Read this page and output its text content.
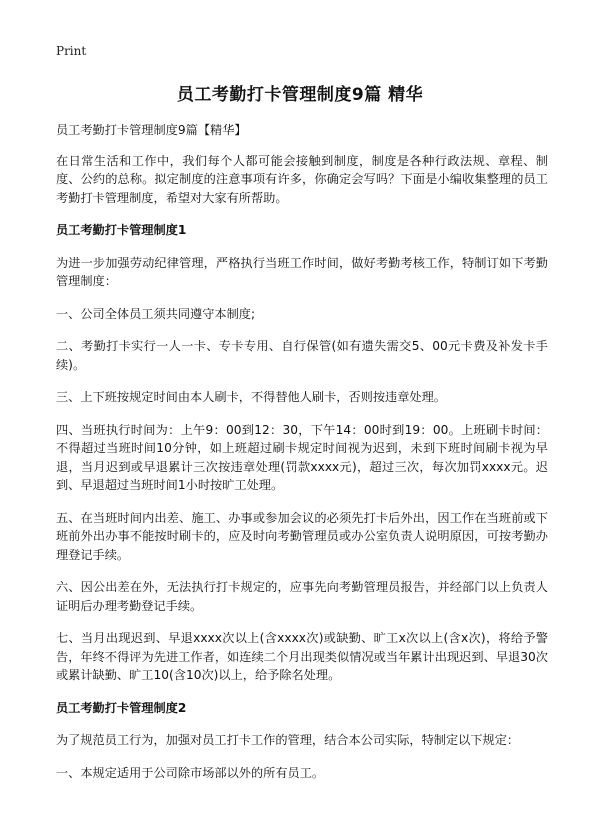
Print
员工考勤打卡管理制度9篇 精华

员工考勤打卡管理制度9篇【精华】

在日常生活和工作中，我们每个人都可能会接触到制度，制度是各种行政法规、章程、制度、公约的总称。拟定制度的注意事项有许多，你确定会写吗？下面是小编收集整理的员工考勤打卡管理制度，希望对大家有所帮助。

员工考勤打卡管理制度1

为进一步加强劳动纪律管理，严格执行当班工作时间，做好考勤考核工作，特制订如下考勤管理制度：

一、公司全体员工须共同遵守本制度;

二、考勤打卡实行一人一卡、专卡专用、自行保管(如有遗失需交5、00元卡费及补发卡手续)。

三、上下班按规定时间由本人刷卡，不得替他人刷卡，否则按违章处理。

四、当班执行时间为：上午9：00到12：30，下午14：00时到19：00。上班刷卡时间：不得超过当班时间10分钟，如上班超过刷卡规定时间视为迟到，未到下班时间刷卡视为早退，当月迟到或早退累计三次按违章处理(罚款xxxx元)，超过三次，每次加罚xxxx元。迟到、早退超过当班时间1小时按旷工处理。

五、在当班时间内出差、施工、办事或参加会议的必须先打卡后外出，因工作在当班前或下班前外出办事不能按时刷卡的，应及时向考勤管理员或办公室负责人说明原因，可按考勤办理登记手续。

六、因公出差在外，无法执行打卡规定的，应事先向考勤管理员报告，并经部门以上负责人证明后办理考勤登记手续。

七、当月出现迟到、早退xxxx次以上(含xxxx次)或缺勤、旷工x次以上(含x次)，将给予警告，年终不得评为先进工作者，如连续二个月出现类似情况或当年累计出现迟到、早退30次或累计缺勤、旷工10(含10次)以上，给予除名处理。

员工考勤打卡管理制度2

为了规范员工行为，加强对员工打卡工作的管理，结合本公司实际，特制定以下规定：

一、本规定适用于公司除市场部以外的所有员工。
